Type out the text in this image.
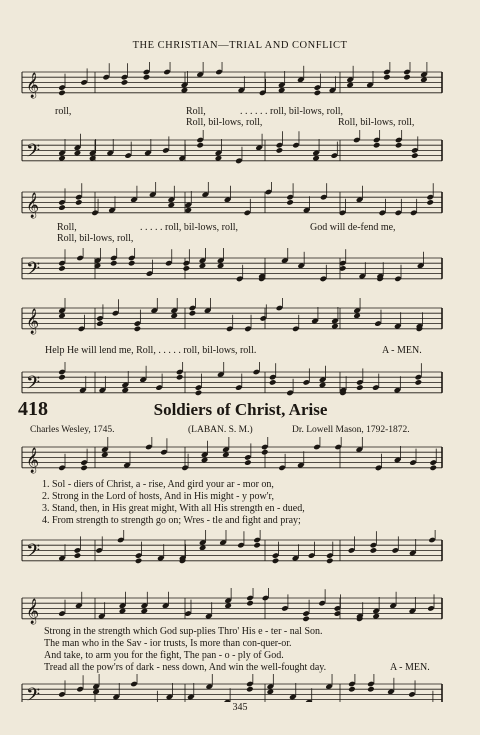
THE CHRISTIAN—TRIAL AND CONFLICT
𝄞
roll,	Roll,	. . . . . . roll, bil-lows, roll,
Roll, bil-lows, roll,	Roll, bil-lows, roll,
𝄢
𝄞
Roll,	. . . . . roll, bil-lows, roll,	God will de-fend me,
Roll, bil-lows, roll,
𝄢
𝄞
Help He will lend me, Roll, . . . . . roll, bil-lows, roll.	A - MEN.
𝄢
418	Soldiers of Christ, Arise
Charles Wesley, 1745.	(LABAN. S. M.)	Dr. Lowell Mason, 1792-1872.
𝄞
1. Sol - diers of Christ, a - rise, And gird your ar - mor on,
2. Strong in the Lord of hosts, And in His might - y pow'r,
3. Stand, then, in His great might, With all His strength en - dued,
4. From strength to strength go on; Wres - tle and fight and pray;
𝄢
𝄞
Strong in the strength which God sup-plies Thro' His e - ter - nal Son.
The man who in the Sav - ior trusts, Is more than con-quer-or.
And take, to arm you for the fight, The pan - o - ply of God.
Tread all the pow'rs of dark - ness down, And win the well-fought day.	A - MEN.
𝄢	345
